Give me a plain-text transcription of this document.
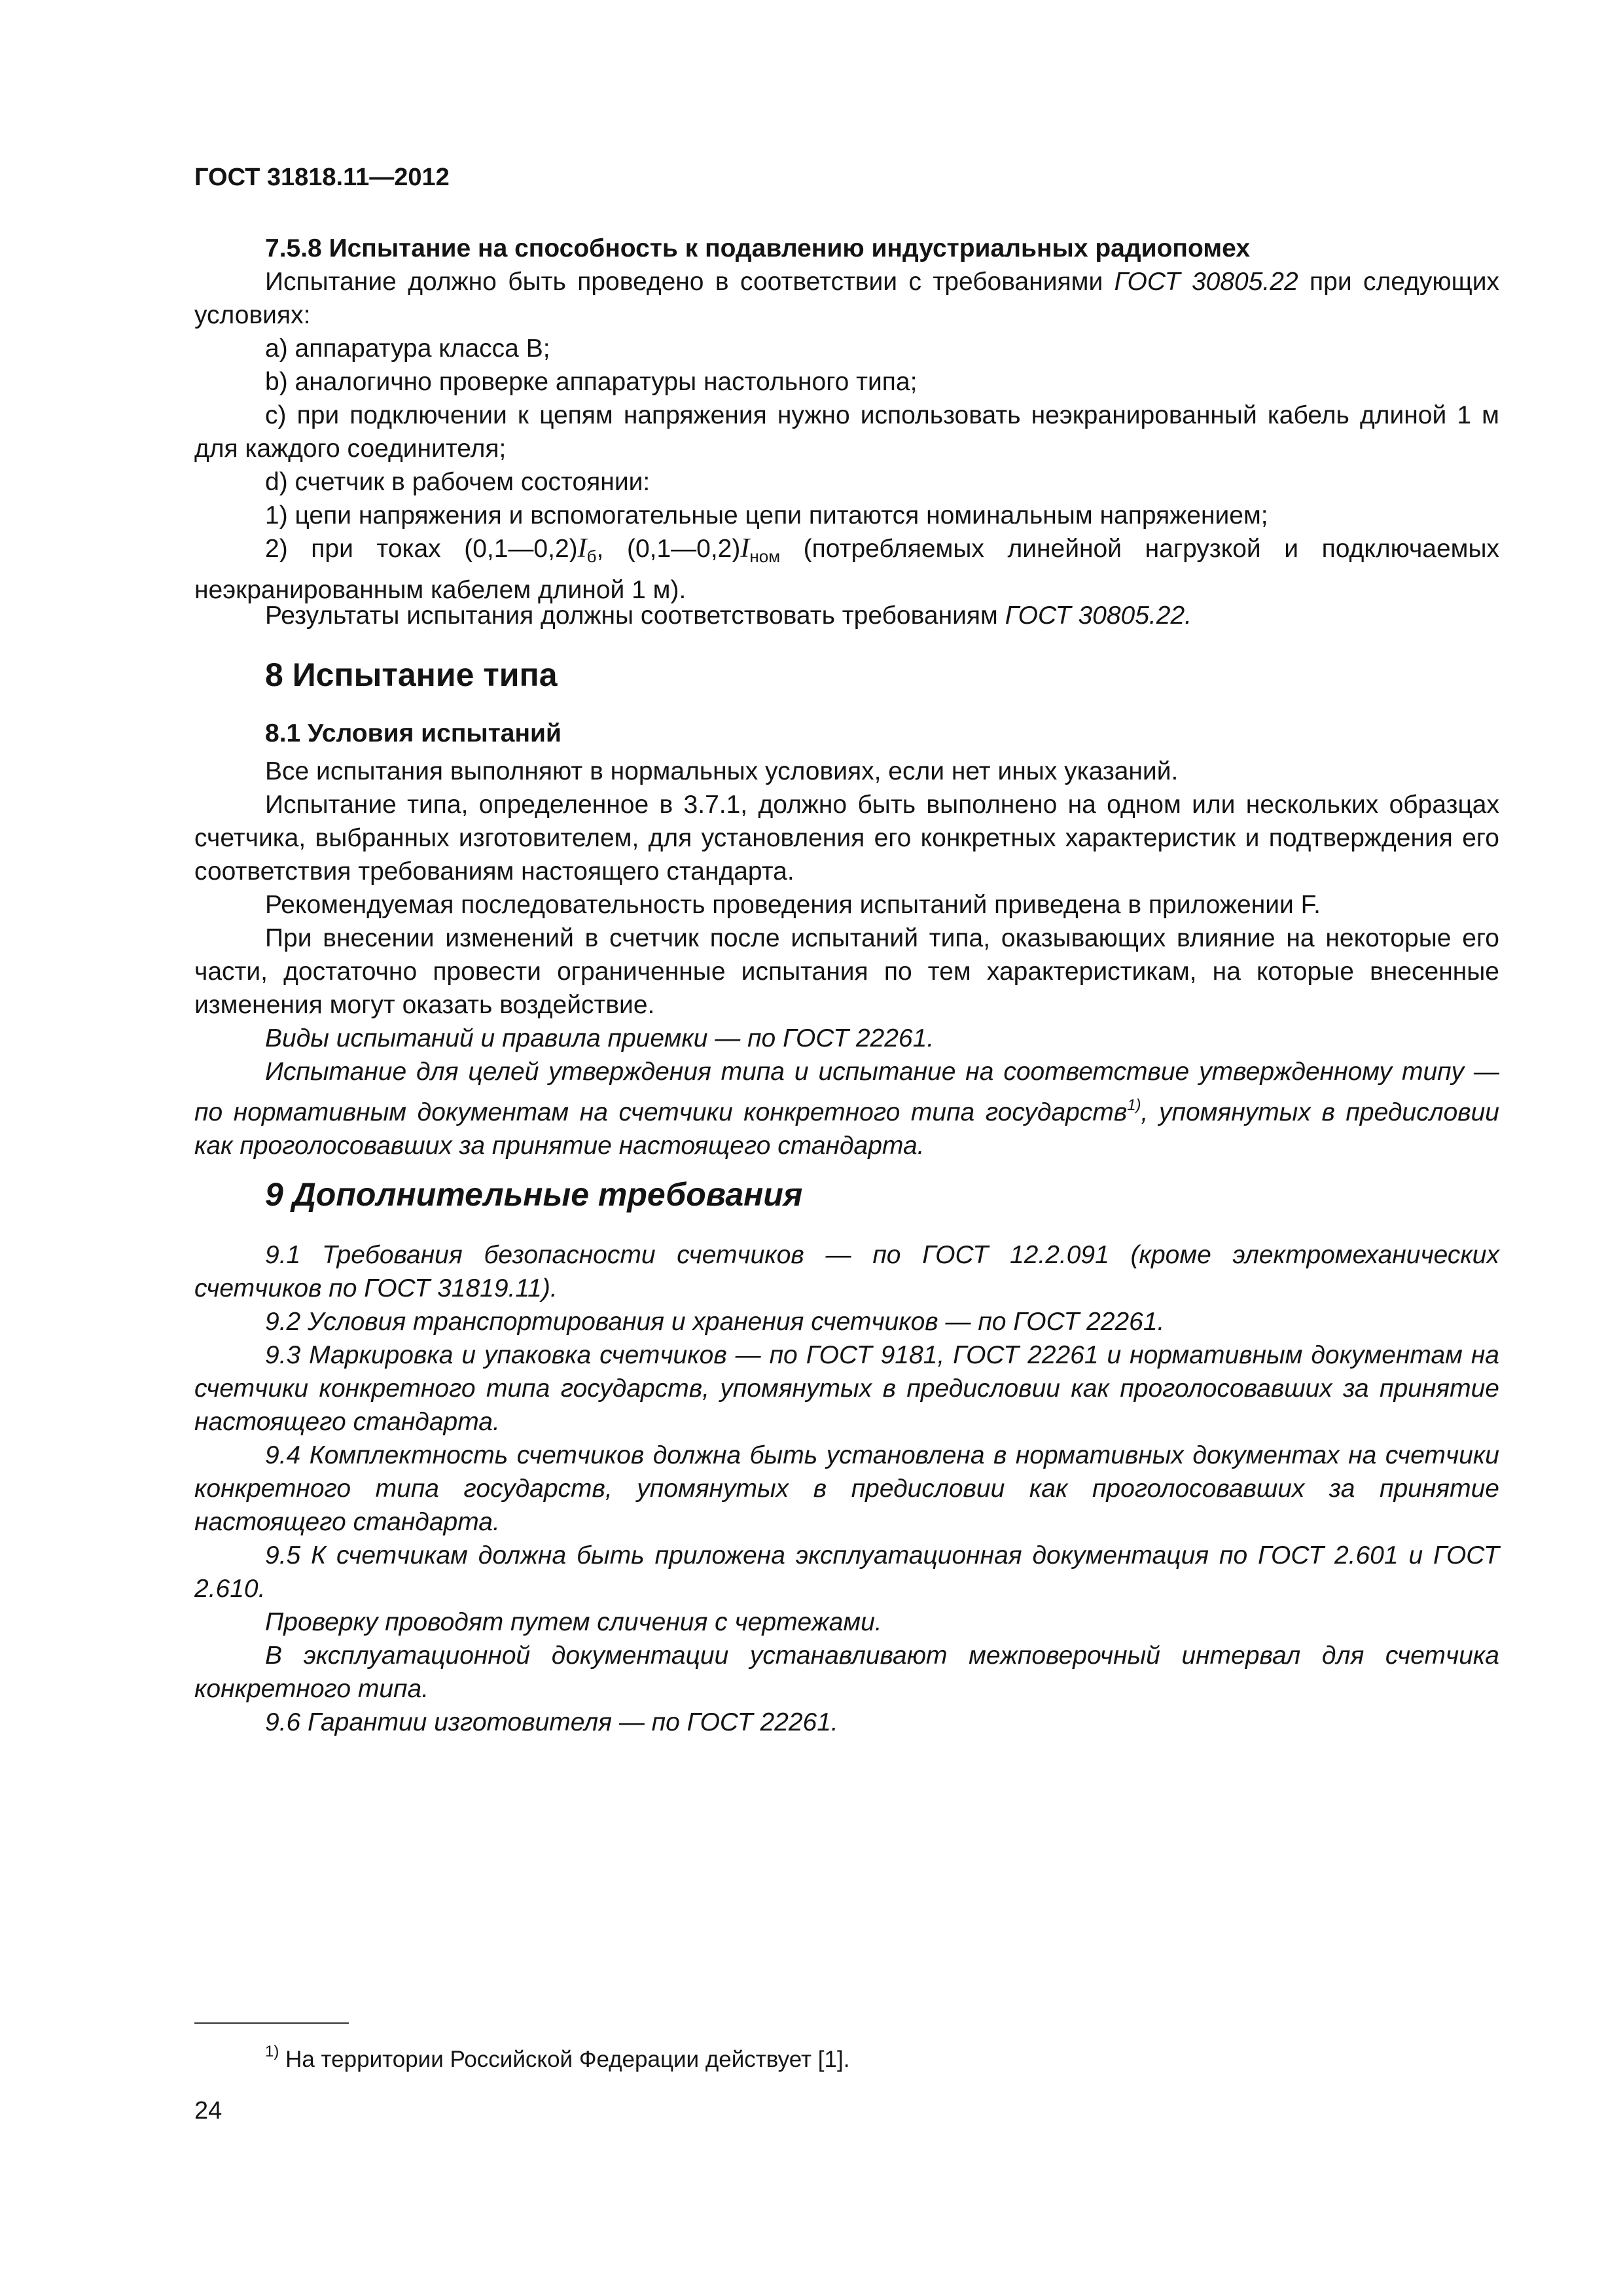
ГОСТ 31818.11—2012

7.5.8 Испытание на способность к подавлению индустриальных радиопомех

Испытание должно быть проведено в соответствии с требованиями ГОСТ 30805.22 при следующих условиях:

а) аппаратура класса В;

b) аналогично проверке аппаратуры настольного типа;

с) при подключении к цепям напряжения нужно использовать неэкранированный кабель длиной 1 м для каждого соединителя;

d) счетчик в рабочем состоянии:

1) цепи напряжения и вспомогательные цепи питаются номинальным напряжением;

2) при токах $(0,1—0,2)I_б$, $(0,1—0,2)I_{ном}$ (потребляемых линейной нагрузкой и подключаемых неэкранированным кабелем длиной 1 м).

Результаты испытания должны соответствовать требованиям ГОСТ 30805.22.

8 Испытание типа
8.1 Условия испытаний

Все испытания выполняют в нормальных условиях, если нет иных указаний.

Испытание типа, определенное в 3.7.1, должно быть выполнено на одном или нескольких образцах счетчика, выбранных изготовителем, для установления его конкретных характеристик и подтверждения его соответствия требованиям настоящего стандарта.

Рекомендуемая последовательность проведения испытаний приведена в приложении F.

При внесении изменений в счетчик после испытаний типа, оказывающих влияние на некоторые его части, достаточно провести ограниченные испытания по тем характеристикам, на которые внесенные изменения могут оказать воздействие.

Виды испытаний и правила приемки — по ГОСТ 22261.

Испытание для целей утверждения типа и испытание на соответствие утвержденному типу — по нормативным документам на счетчики конкретного типа государств$^{1)}$, упомянутых в предисловии как проголосовавших за принятие настоящего стандарта.

9 Дополнительные требования

9.1 Требования безопасности счетчиков — по ГОСТ 12.2.091 (кроме электромеханических счетчиков по ГОСТ 31819.11).

9.2 Условия транспортирования и хранения счетчиков — по ГОСТ 22261.

9.3 Маркировка и упаковка счетчиков — по ГОСТ 9181, ГОСТ 22261 и нормативным документам на счетчики конкретного типа государств, упомянутых в предисловии как проголосовавших за принятие настоящего стандарта.

9.4 Комплектность счетчиков должна быть установлена в нормативных документах на счетчики конкретного типа государств, упомянутых в предисловии как проголосовавших за принятие настоящего стандарта.

9.5 К счетчикам должна быть приложена эксплуатационная документация по ГОСТ 2.601 и ГОСТ 2.610.

Проверку проводят путем сличения с чертежами.

В эксплуатационной документации устанавливают межповерочный интервал для счетчика конкретного типа.

9.6 Гарантии изготовителя — по ГОСТ 22261.

$^{1)}$ На территории Российской Федерации действует [1].
24
